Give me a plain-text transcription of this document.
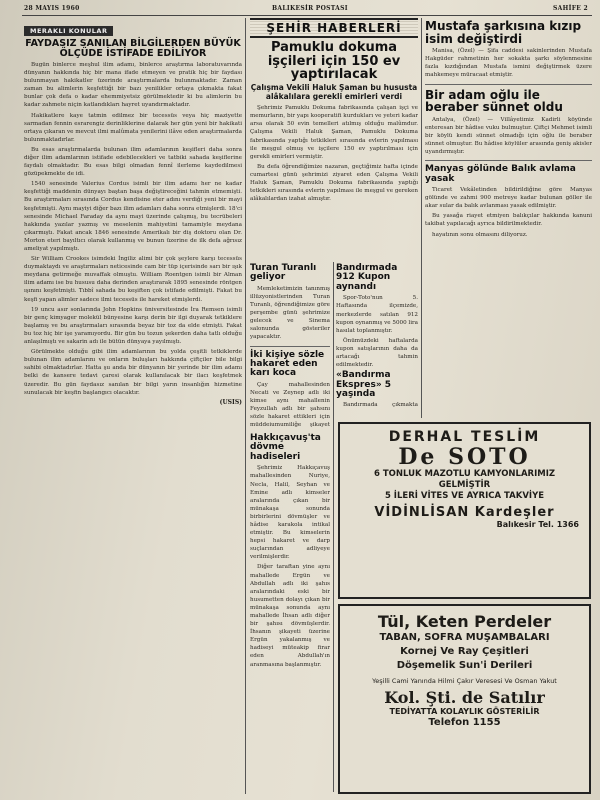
28 MAYIS 1960	BALIKESİR POSTASI	SAHİFE 2
MERAKLI KONULAR
FAYDASIZ SANILAN BİLGİLERDEN BÜYÜK ÖLÇÜDE İSTİFADE EDİLİYOR

Bugün binlerce meşhul ilim adamı, binlerce araştırma laboratuvarında dünyanın hakkında hiç bir mana ifade etmeyen ve pratik hiç bir faydası bulunmayan hakikatler üzerinde araştırmalarda bulunmaktadır. Zaman zaman bu alimlerin keşfettiği bir bazı yenilikler ortaya çıkmakta fakat bunlar çok defa o kadar ehemmiyetsiz görülmektedir ki bu alimlerin bu kadar zahmete niçin katlandıkları hayret uyandırmaktadır.

Hakikatlere kaye tatmin edilmez bir tecessüs veya hiç maziyette sarmadan fennin esrarengiz derinliklerine dalarak her gün yeni bir hakikati ortaya çıkaran ve mevcut ilmi malûmata yenilerini ilâve eden araştırmalarda bulunmaktadırlar.

Bu esas araştırmalarda bulunan ilim adamlarının keşifleri daha sonra diğer ilim adamlarının istifade edebilecekleri ve tatbiki sahada keşiflerine faydalı olmaktadır. Bu esas bilgi olmadan fennî ilerleme kaydedilmesi gözüpekmekte de idi.

1540 senesinde Valerius Cordus isimli bir ilim adamı her ne kadar keşfettiği maddenin dünyayı baştan başa değiştireceğini tahmin etmemişti. Bu araştırmaları sırasında Cordus kendisine eter adını verdiği yeni bir mayi keşfetmişti. Aynı mayiyi diğer bazı ilim adamları daha sonra etmişlerdi. 18'ci senesinde Michael Faraday da aynı mayi üzerinde çalışmış, bu tecrübeleri hakkında yazılar yazmış ve meselenin mahiyetini tamamiyle meydana çıkarmıştı. Fakat ancak 1846 senesinde Amerikalı bir diş doktoru olan Dr. Morton eteri bayıltıcı olarak kullanmış ve bunun üzerine de ilk defa ağrısız ameliyat yapılmıştı.

Sir William Crookes isimdeki İngiliz alimi bir çok şeylere karşı tecessüs duymaktaydı ve araştırmaları neticesinde cam bir tüp içerisinde sarı bir ışık meydana getirmeğe muvaffak olmuştu. William Roentgen isimli bir Alman ilim adamı ise bu hususu daha derinden araştırarak 1895 senesinde röntgen ışınını keşfetmişti. Tıbbî sahada bu keşiften çok istifade edilmişti. Fakat bu keşfi yapan alimler sadece ilmi tecessüs ile hareket etmişlerdi.

19 uncu asır sonlarında John Hopkins üniversitesinde İra Remsen isimli bir genç kimyager molekül bünyesine karşı derin bir ilgi duyarak tetkiklere başlamış ve bu araştırmaları sırasında beyaz bir toz da elde etmişti. Fakat bu toz hiç bir işe yaramıyordu. Bir gün bu tozun şekerden daha tatlı olduğu anlaşılmıştı ve sakarin adı ile bütün dünyaya yayılmıştı.

Görülmekte olduğu gibi ilim adamlarının bu yolda çeşitli tetkiklerde bulunan ilim adamlarını ve onların buluşları hakkında çiftçiler bile bilgi sahibi olmaktadırlar. Hatta şu anda bir dünyanın bir yerinde bir ilim adamı belki de kansere tedavi çaresi olarak kullanılacak bir ilacı keşfetmek üzeredir. Bu gün faydasız sanılan bir bilgi yarın insanlığın hizmetine sunulacak bir keşfin başlangıcı olacaktır.

(USIS)
ŞEHİR HABERLERİ
Pamuklu dokuma işçileri için 150 ev yaptırılacak
Çalışma Vekili Haluk Şaman bu hususta alâkalılara gerekli emirleri verdi

Şehrimiz Pamuklu Dokuma fabrikasında çalışan işçi ve memurların, bir yapı kooperatifi kurdukları ve yeteri kadar arsa olarak 50 evin temelleri atılmış olduğu malûmdur. Çalışma Vekili Haluk Şaman, Pamuklu Dokuma fabrikasında yaptığı tetkikleri sırasında evlerin yapılması ile meşgul olmuş ve işçilere 150 ev yaptırılması için gerekli emirleri vermiştir.

Bu defa öğrendiğimize nazaran, geçtiğimiz hafta içinde cumartesi günü şehrimizi ziyaret eden Çalışma Vekili Haluk Şaman, Pamuklu Dokuma fabrikasında yaptığı tetkikleri sırasında evlerin yapılması ile meşgul ve gereken alâkalılardan izahat almıştır.

Turan Turanlı geliyor

Memleketimizin tanınmış illüzyonistlerinden Turan Turanlı, öğrendiğimize göre perşembe günü şehrimize gelecek ve Sinema salonunda gösteriler yapacaktır.

İki kişiye sözle hakaret eden karı koca

Çay mahallesinden Necati ve Zeynep adlı iki kimse aynı mahallenin Feyzullah adlı bir şahsını sözle hakaret ettikleri için müddeiumumiliğe şikayet

Bandırmada 912 Kupon aynandı

Spor-Toto'nun 5. Haftasında ilçemizde, merkezlerde satılan 912 kupon oynanmış ve 5000 lira hasılat toplanmıştır.

Önümüzdeki haftalarda kupon satışlarının daha da artacağı tahmin edilmektedir.

«Bandırma Ekspres» 5 yaşında

Bandırmada çıkmakta

Hakkıçavuş'ta dövme hadiseleri

Şehrimiz Hakkıçavuş mahallesinden Nuriye, Necla, Halil, Seyhan ve Emine adlı kimseler aralarında çıkan bir münakaşa sonunda birbirlerini dövmüşler ve hâdise karakola intikal etmiştir. Bu kimselerin hepsi hakaret ve darp suçlarından adliyeye verilmişlerdir.

Diğer taraftan yine aynı mahallede Ergün ve Abdullah adlı iki şahıs aralarındaki eski bir husumetten dolayı çıkan bir münakaşa sonunda aynı mahallede İhsan adlı diğer bir şahısı dövmüşlerdir. İhsanın şikayeti üzerine Ergün yakalanmış ve hadiseyi müteakip firar eden Abdullah'ın aranmasına başlanmıştır.

Mustafa şarkısına kızıp isim değiştirdi

Manisa, (Özel) — Şifa caddesi sakinlerinden Mustafa Hakgüder rahmetinin her sokakta şarkı söylenmesine fazla kızdığından Mustafa ismini değiştirmek üzere mahkemeye müracaat etmiştir.

Bir adam oğlu ile beraber sünnet oldu

Antalya, (Özel) — Villâyetimiz Kadirli köyünde enteresan bir hâdise vuku bulmuştur. Çiftçi Mehmet isimli bir köylü kendi sünnet olmadığı için oğlu ile beraber sünnet olmuştur. Bu hâdise köylüler arasında geniş akisler uyandırmıştır.

Manyas gölünde Balık avlama yasak

Ticaret Vekâletinden bildirildiğine göre Manyas gölünde ve zahmi 900 metreye kadar bulunan göller ile akar sular da balık avlanması yasak edilmiştir.

Bu yasağa riayet etmiyen balıkçılar hakkında kanuni takibat yapılacağı ayrıca bildirilmektedir.

hayatının sonu olmasını diliyoruz.

DERHAL TESLİM
De SOTO
6 TONLUK MAZOTLU KAMYONLARIMIZ
GELMİŞTİR
5 İLERİ VİTES VE AYRICA TAKVİYE
VİDİNLİSAN Kardeşler
Balıkesir Tel. 1366
Tül, Keten Perdeler
TABAN, SOFRA MUŞAMBALARI
Kornej Ve Ray Çeşitleri
Döşemelik Sun'i Derileri
Yeşilli Cami Yanında Hilmi Çakır Veresesi Ve Osman Yakut
Kol. Şti. de Satılır
TEDİYATTA KOLAYLIK GÖSTERİLİR
Telefon 1155
